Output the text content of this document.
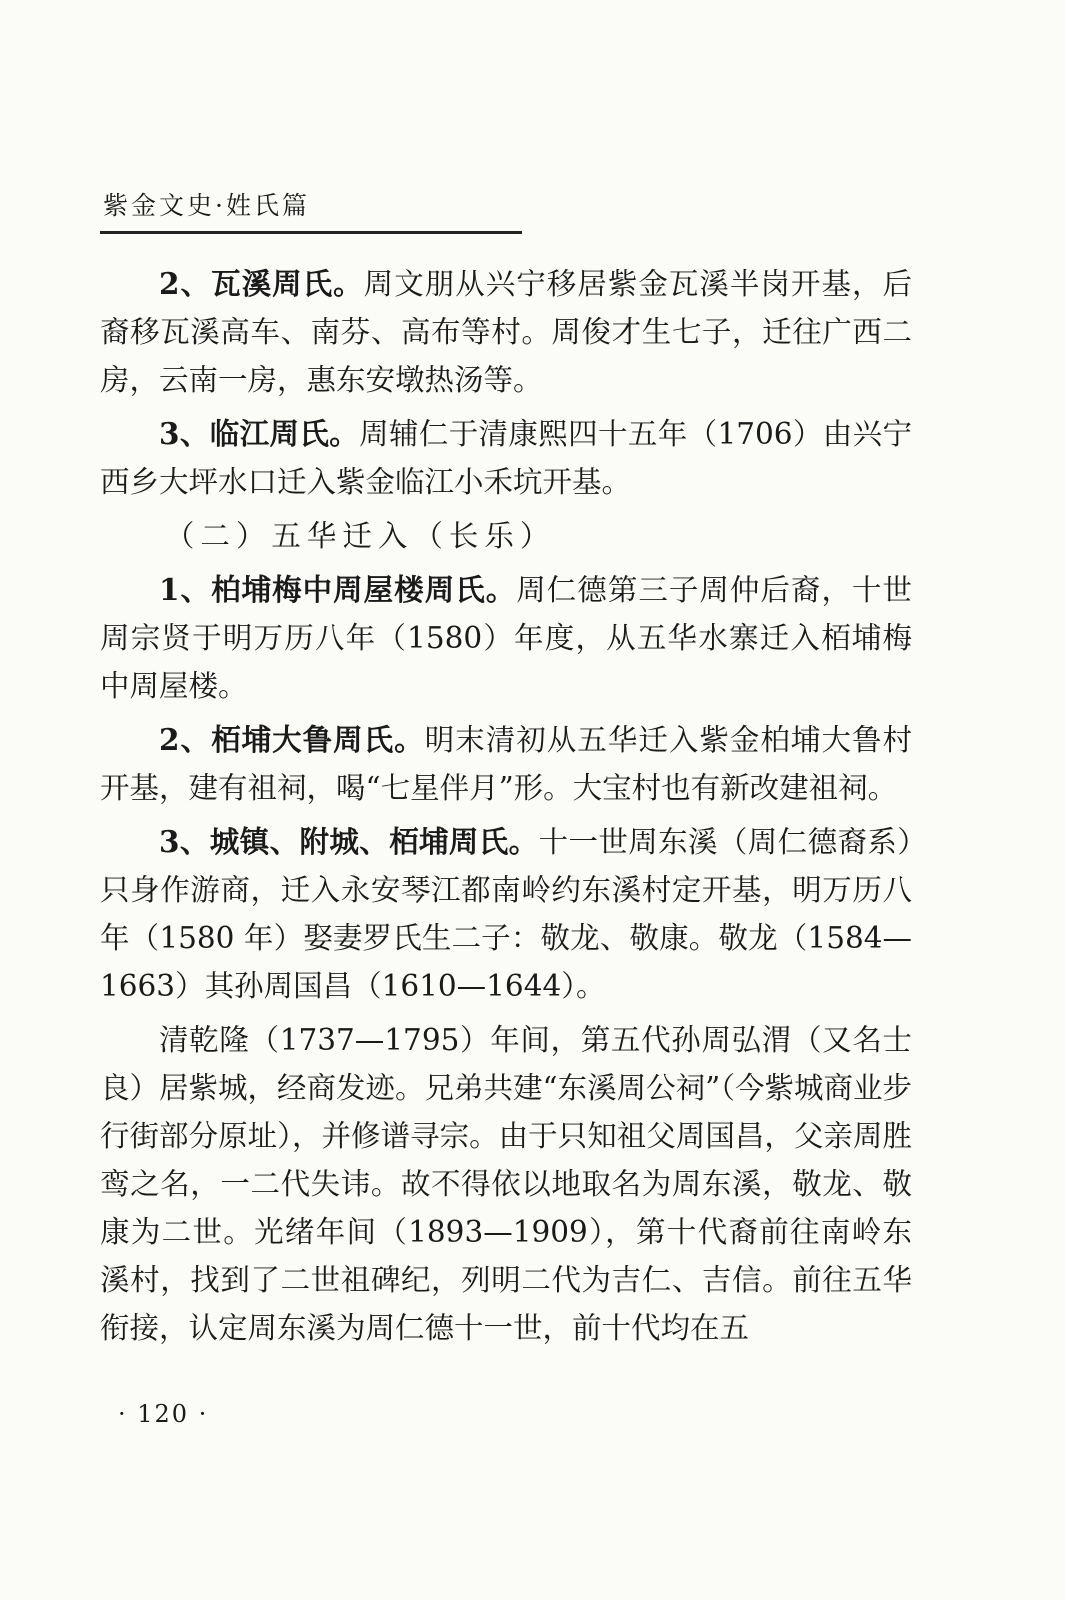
紫金文史·姓氏篇

2、瓦溪周氏。周文朋从兴宁移居紫金瓦溪半岗开基，后裔移瓦溪高车、南芬、高布等村。周俊才生七子，迁往广西二房，云南一房，惠东安墩热汤等。

3、临江周氏。周辅仁于清康熙四十五年（1706）由兴宁西乡大坪水口迁入紫金临江小禾坑开基。

（二）五华迁入（长乐）

1、柏埔梅中周屋楼周氏。周仁德第三子周仲后裔，十世周宗贤于明万历八年（1580）年度，从五华水寨迁入栢埔梅中周屋楼。

2、栢埔大鲁周氏。明末清初从五华迁入紫金柏埔大鲁村开基，建有祖祠，喝“七星伴月”形。大宝村也有新改建祖祠。

3、城镇、附城、栢埔周氏。十一世周东溪（周仁德裔系）只身作游商，迁入永安琴江都南岭约东溪村定开基，明万历八年（1580 年）娶妻罗氏生二子：敬龙、敬康。敬龙（1584—1663）其孙周国昌（1610—1644）。

清乾隆（1737—1795）年间，第五代孙周弘渭（又名士良）居紫城，经商发迹。兄弟共建“东溪周公祠”（今紫城商业步行街部分原址），并修谱寻宗。由于只知祖父周国昌，父亲周胜鸾之名，一二代失讳。故不得依以地取名为周东溪，敬龙、敬康为二世。光绪年间（1893—1909），第十代裔前往南岭东溪村，找到了二世祖碑纪，列明二代为吉仁、吉信。前往五华衔接，认定周东溪为周仁德十一世，前十代均在五

· 120 ·
